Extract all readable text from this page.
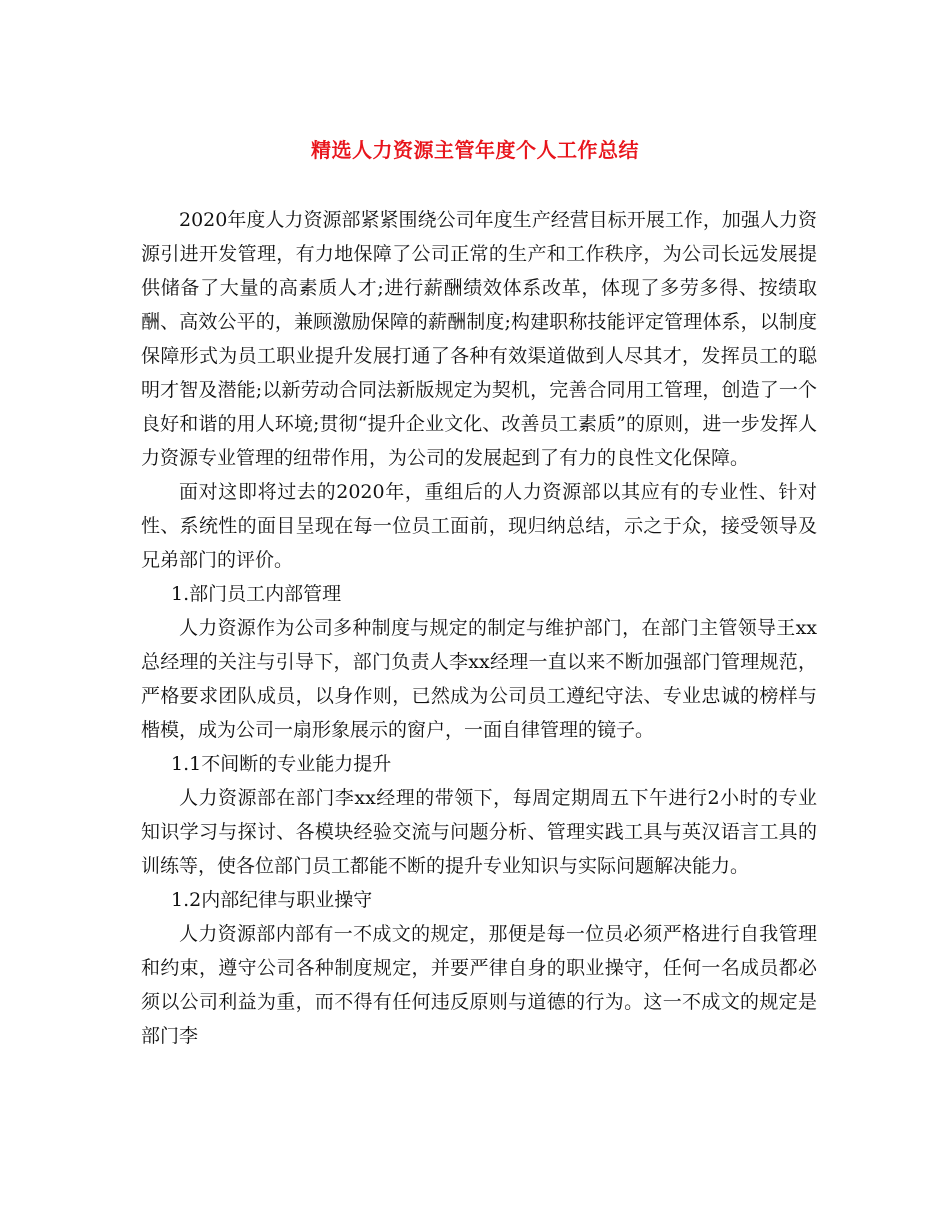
精选人力资源主管年度个人工作总结

2020年度人力资源部紧紧围绕公司年度生产经营目标开展工作，加强人力资源引进开发管理，有力地保障了公司正常的生产和工作秩序，为公司长远发展提供储备了大量的高素质人才;进行薪酬绩效体系改革，体现了多劳多得、按绩取酬、高效公平的，兼顾激励保障的薪酬制度;构建职称技能评定管理体系，以制度保障形式为员工职业提升发展打通了各种有效渠道做到人尽其才，发挥员工的聪明才智及潜能;以新劳动合同法新版规定为契机，完善合同用工管理，创造了一个良好和谐的用人环境;贯彻“提升企业文化、改善员工素质”的原则，进一步发挥人力资源专业管理的纽带作用，为公司的发展起到了有力的良性文化保障。

面对这即将过去的2020年，重组后的人力资源部以其应有的专业性、针对性、系统性的面目呈现在每一位员工面前，现归纳总结，示之于众，接受领导及兄弟部门的评价。

1.部门员工内部管理

人力资源作为公司多种制度与规定的制定与维护部门，在部门主管领导王xx总经理的关注与引导下，部门负责人李xx经理一直以来不断加强部门管理规范，严格要求团队成员，以身作则，已然成为公司员工遵纪守法、专业忠诚的榜样与楷模，成为公司一扇形象展示的窗户，一面自律管理的镜子。

1.1不间断的专业能力提升

人力资源部在部门李xx经理的带领下，每周定期周五下午进行2小时的专业知识学习与探讨、各模块经验交流与问题分析、管理实践工具与英汉语言工具的训练等，使各位部门员工都能不断的提升专业知识与实际问题解决能力。

1.2内部纪律与职业操守

人力资源部内部有一不成文的规定，那便是每一位员必须严格进行自我管理和约束，遵守公司各种制度规定，并要严律自身的职业操守，任何一名成员都必须以公司利益为重，而不得有任何违反原则与道德的行为。这一不成文的规定是部门李
